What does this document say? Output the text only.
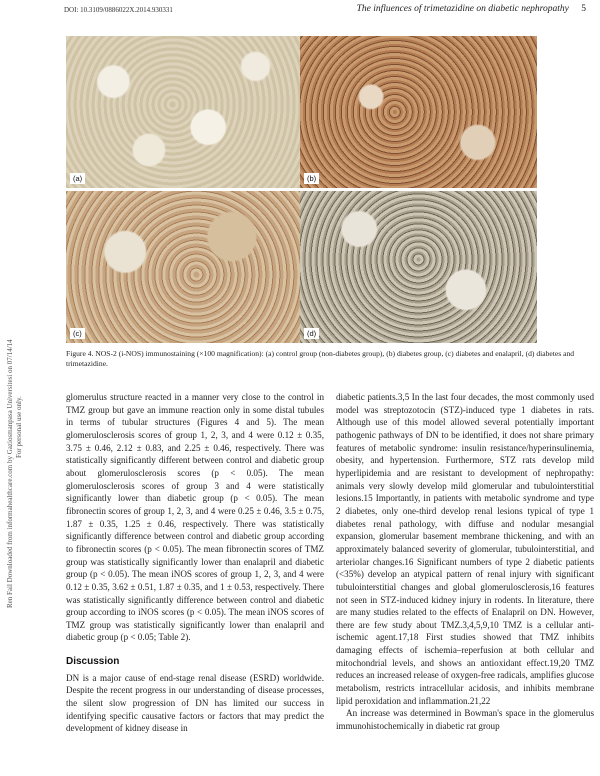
DOI: 10.3109/0886022X.2014.930331	The influences of trimetazidine on diabetic nephropathy 5
Ren Fail Downloaded from informahealthcare.com by Gaziosmanpasa Universitesi on 07/14/14 For personal use only.
(a)	(b)
(c)	(d)
Figure 4. NOS-2 (i-NOS) immunostaining (×100 magnification): (a) control group (non-diabetes group), (b) diabetes group, (c) diabetes and enalapril, (d) diabetes and trimetazidine.

glomerulus structure reacted in a manner very close to the control in TMZ group but gave an immune reaction only in some distal tubules in terms of tubular structures (Figures 4 and 5). The mean glomerulosclerosis scores of group 1, 2, 3, and 4 were 0.12 ± 0.35, 3.75 ± 0.46, 2.12 ± 0.83, and 2.25 ± 0.46, respectively. There was statistically significantly different between control and diabetic group about glomerulosclerosis scores (p < 0.05). The mean glomerulosclerosis scores of group 3 and 4 were statistically significantly lower than diabetic group (p < 0.05). The mean fibronectin scores of group 1, 2, 3, and 4 were 0.25 ± 0.46, 3.5 ± 0.75, 1.87 ± 0.35, 1.25 ± 0.46, respectively. There was statistically significantly difference between control and diabetic group according to fibronectin scores (p < 0.05). The mean fibronectin scores of TMZ group was statistically significantly lower than enalapril and diabetic group (p < 0.05). The mean iNOS scores of group 1, 2, 3, and 4 were 0.12 ± 0.35, 3.62 ± 0.51, 1.87 ± 0.35, and 1 ± 0.53, respectively. There was statistically significantly difference between control and diabetic group according to iNOS scores (p < 0.05). The mean iNOS scores of TMZ group was statistically significantly lower than enalapril and diabetic group (p < 0.05; Table 2).

Discussion

DN is a major cause of end-stage renal disease (ESRD) worldwide. Despite the recent progress in our understanding of disease processes, the silent slow progression of DN has limited our success in identifying specific causative factors or factors that may predict the development of kidney disease in

diabetic patients.3,5 In the last four decades, the most commonly used model was streptozotocin (STZ)-induced type 1 diabetes in rats. Although use of this model allowed several potentially important pathogenic pathways of DN to be identified, it does not share primary features of metabolic syndrome: insulin resistance/hyperinsulinemia, obesity, and hypertension. Furthermore, STZ rats develop mild hyperlipidemia and are resistant to development of nephropathy: animals very slowly develop mild glomerular and tubulointerstitial lesions.15 Importantly, in patients with metabolic syndrome and type 2 diabetes, only one-third develop renal lesions typical of type 1 diabetes renal pathology, with diffuse and nodular mesangial expansion, glomerular basement membrane thickening, and with an approximately balanced severity of glomerular, tubulointerstitial, and arteriolar changes.16 Significant numbers of type 2 diabetic patients (<35%) develop an atypical pattern of renal injury with significant tubulointerstitial changes and global glomerulosclerosis,16 features not seen in STZ-induced kidney injury in rodents. In literature, there are many studies related to the effects of Enalapril on DN. However, there are few study about TMZ.3,4,5,9,10 TMZ is a cellular anti-ischemic agent.17,18 First studies showed that TMZ inhibits damaging effects of ischemia–reperfusion at both cellular and mitochondrial levels, and shows an antioxidant effect.19,20 TMZ reduces an increased release of oxygen-free radicals, amplifies glucose metabolism, restricts intracellular acidosis, and inhibits membrane lipid peroxidation and inflammation.21,22

An increase was determined in Bowman's space in the glomerulus immunohistochemically in diabetic rat group
